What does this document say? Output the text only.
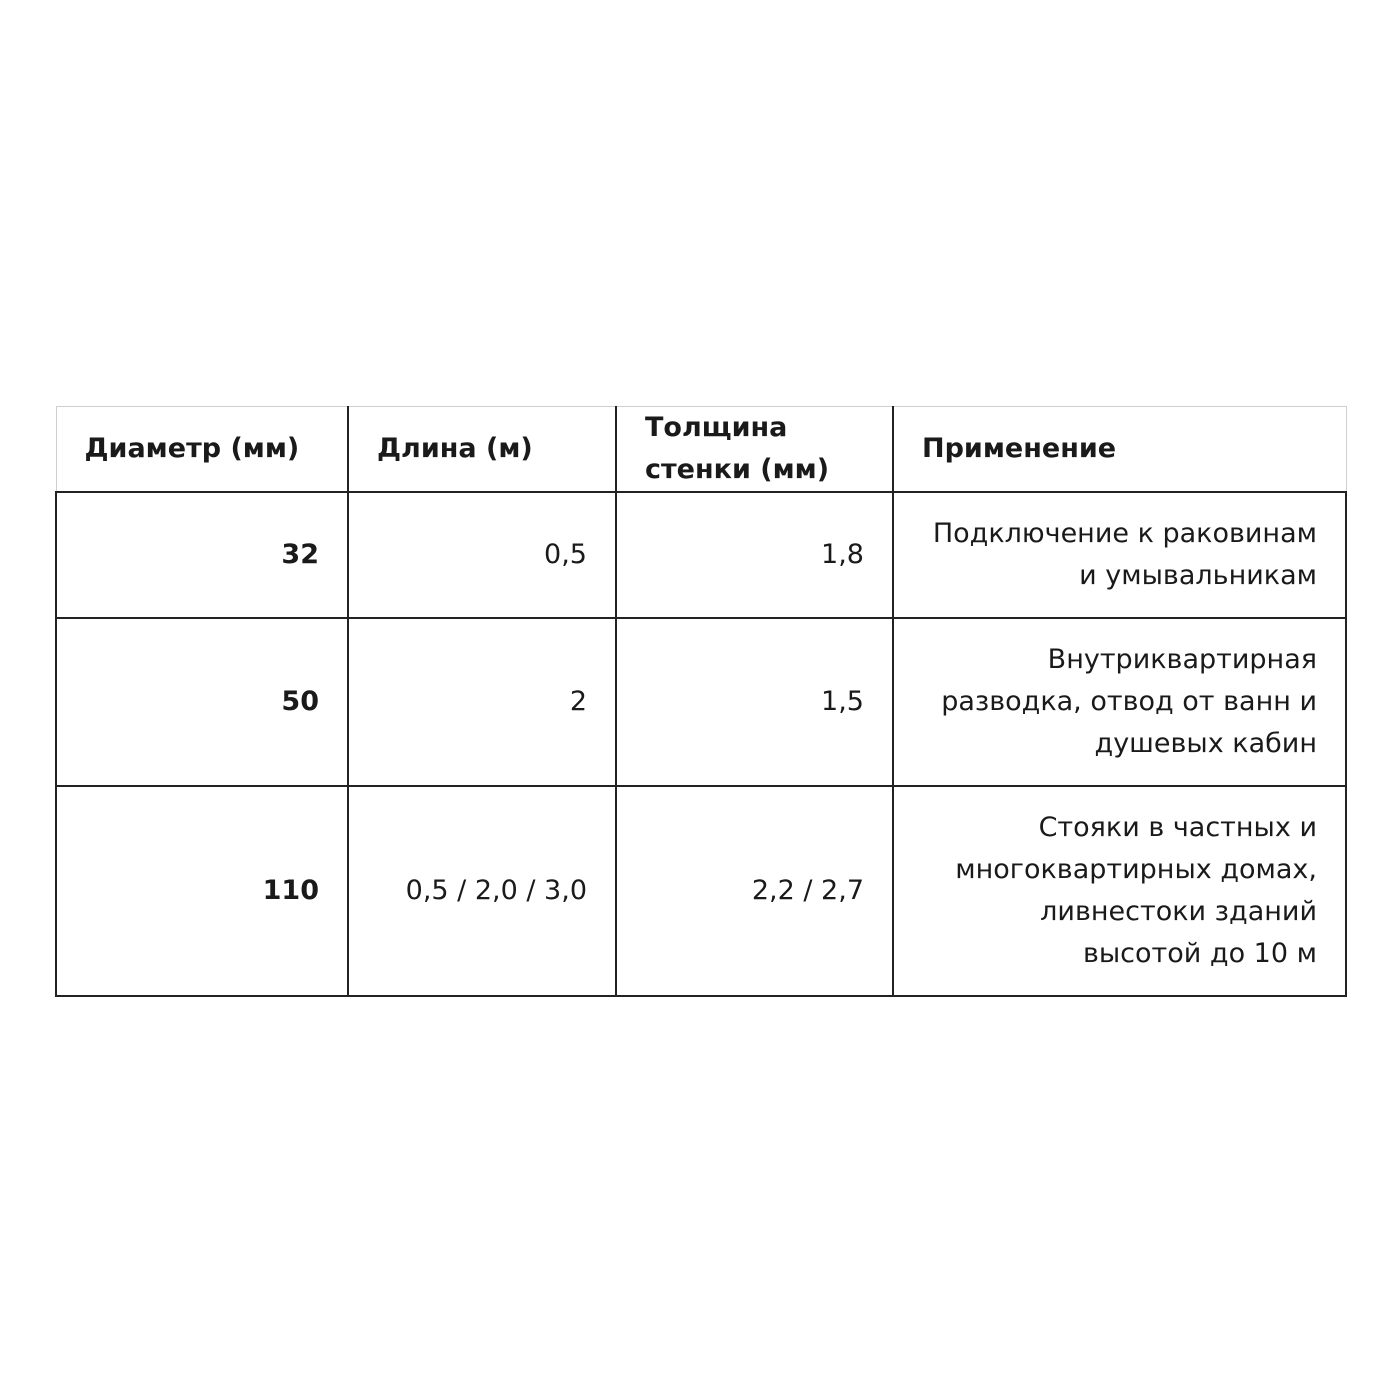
Диаметр (мм)	Длина (м)	Толщина стенки (мм)	Применение
32	0,5	1,8	Подключение к раковинам и умывальникам
50	2	1,5	Внутриквартирная разводка, отвод от ванн и душевых кабин
110	0,5 / 2,0 / 3,0	2,2 / 2,7	Стояки в частных и многоквартирных домах, ливнестоки зданий высотой до 10 м
